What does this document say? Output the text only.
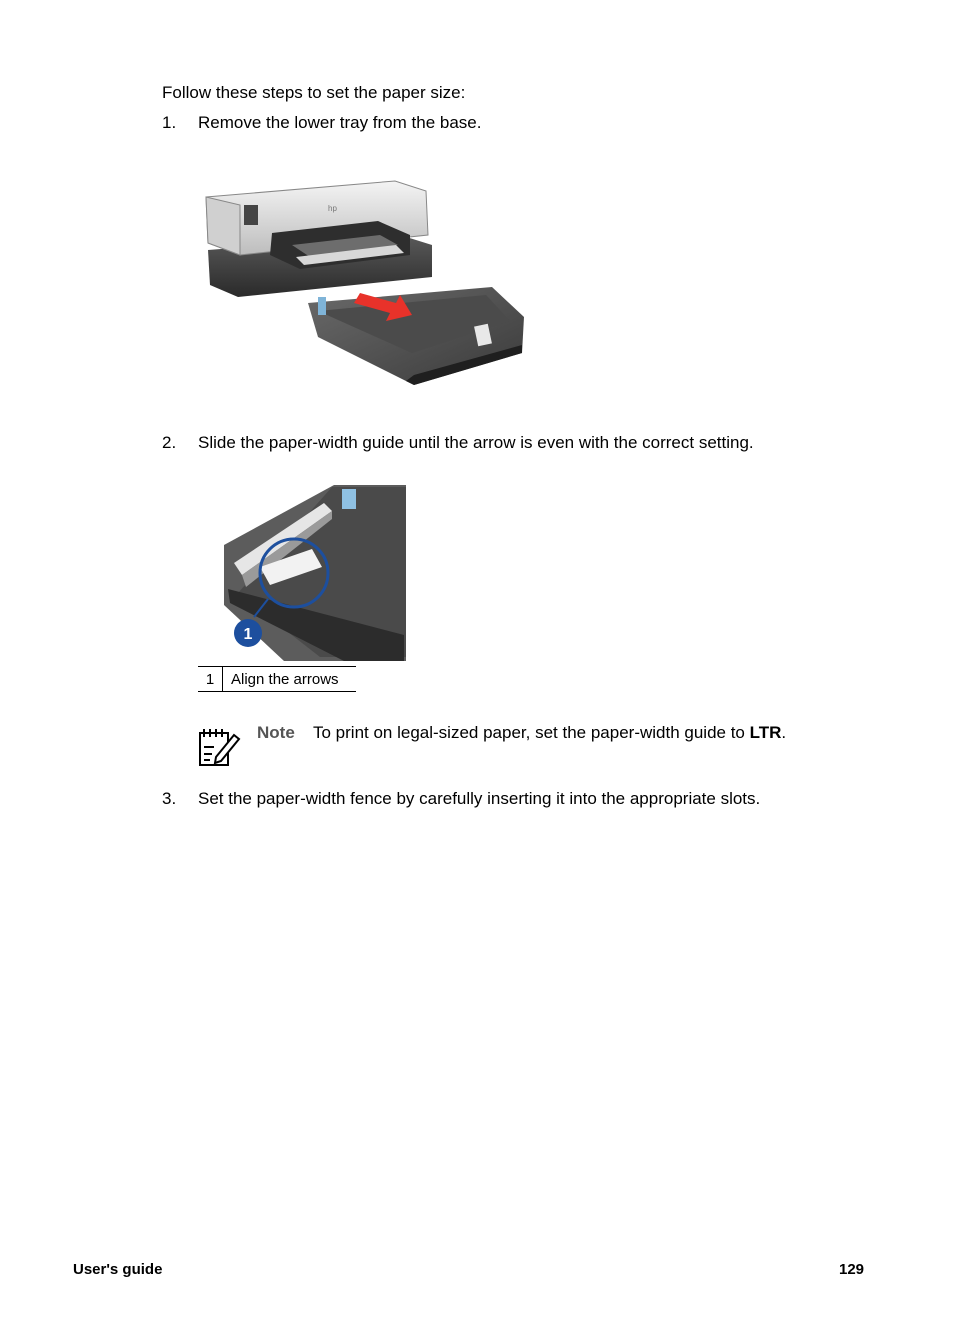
Follow these steps to set the paper size:
1. Remove the lower tray from the base.
hp
2. Slide the paper-width guide until the arrow is even with the correct setting.
1
1	Align the arrows
Note To print on legal-sized paper, set the paper-width guide to LTR.
3. Set the paper-width fence by carefully inserting it into the appropriate slots.
User's guide	129
